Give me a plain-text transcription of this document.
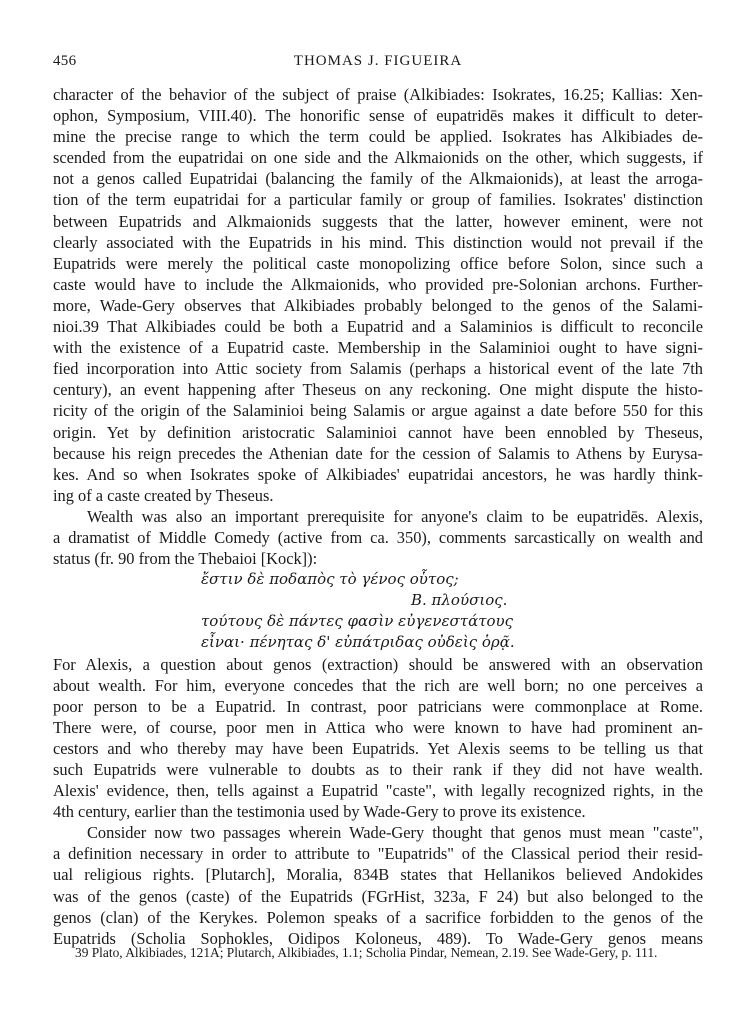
456	THOMAS J. FIGUEIRA
character of the behavior of the subject of praise (Alkibiades: Isokrates, 16.25; Kallias: Xen-
ophon, Symposium, VIII.40). The honorific sense of eupatridēs makes it difficult to deter-
mine the precise range to which the term could be applied. Isokrates has Alkibiades de-
scended from the eupatridai on one side and the Alkmaionids on the other, which suggests, if
not a genos called Eupatridai (balancing the family of the Alkmaionids), at least the arroga-
tion of the term eupatridai for a particular family or group of families. Isokrates' distinction
between Eupatrids and Alkmaionids suggests that the latter, however eminent, were not
clearly associated with the Eupatrids in his mind. This distinction would not prevail if the
Eupatrids were merely the political caste monopolizing office before Solon, since such a
caste would have to include the Alkmaionids, who provided pre-Solonian archons. Further-
more, Wade-Gery observes that Alkibiades probably belonged to the genos of the Salami-
nioi.39 That Alkibiades could be both a Eupatrid and a Salaminios is difficult to reconcile
with the existence of a Eupatrid caste. Membership in the Salaminioi ought to have signi-
fied incorporation into Attic society from Salamis (perhaps a historical event of the late 7th
century), an event happening after Theseus on any reckoning. One might dispute the histo-
ricity of the origin of the Salaminioi being Salamis or argue against a date before 550 for this
origin. Yet by definition aristocratic Salaminioi cannot have been ennobled by Theseus,
because his reign precedes the Athenian date for the cession of Salamis to Athens by Eurysa-
kes. And so when Isokrates spoke of Alkibiades' eupatridai ancestors, he was hardly think-
ing of a caste created by Theseus.
Wealth was also an important prerequisite for anyone's claim to be eupatridēs. Alexis,
a dramatist of Middle Comedy (active from ca. 350), comments sarcastically on wealth and
status (fr. 90 from the Thebaioi [Kock]):
ἔστιν δὲ ποδαπὸς τὸ γένος οὗτος;
Β. πλούσιος.
τούτους δὲ πάντες φασὶν εὐγενεστάτους
εἶναι· πένητας δ' εὐπάτριδας οὐδεὶς ὁρᾷ.
For Alexis, a question about genos (extraction) should be answered with an observation
about wealth. For him, everyone concedes that the rich are well born; no one perceives a
poor person to be a Eupatrid. In contrast, poor patricians were commonplace at Rome.
There were, of course, poor men in Attica who were known to have had prominent an-
cestors and who thereby may have been Eupatrids. Yet Alexis seems to be telling us that
such Eupatrids were vulnerable to doubts as to their rank if they did not have wealth.
Alexis' evidence, then, tells against a Eupatrid "caste", with legally recognized rights, in the
4th century, earlier than the testimonia used by Wade-Gery to prove its existence.
Consider now two passages wherein Wade-Gery thought that genos must mean "caste",
a definition necessary in order to attribute to "Eupatrids" of the Classical period their resid-
ual religious rights. [Plutarch], Moralia, 834B states that Hellanikos believed Andokides
was of the genos (caste) of the Eupatrids (FGrHist, 323a, F 24) but also belonged to the
genos (clan) of the Kerykes. Polemon speaks of a sacrifice forbidden to the genos of the
Eupatrids (Scholia Sophokles, Oidipos Koloneus, 489). To Wade-Gery genos means
39 Plato, Alkibiades, 121A; Plutarch, Alkibiades, 1.1; Scholia Pindar, Nemean, 2.19. See Wade-Gery, p. 111.
